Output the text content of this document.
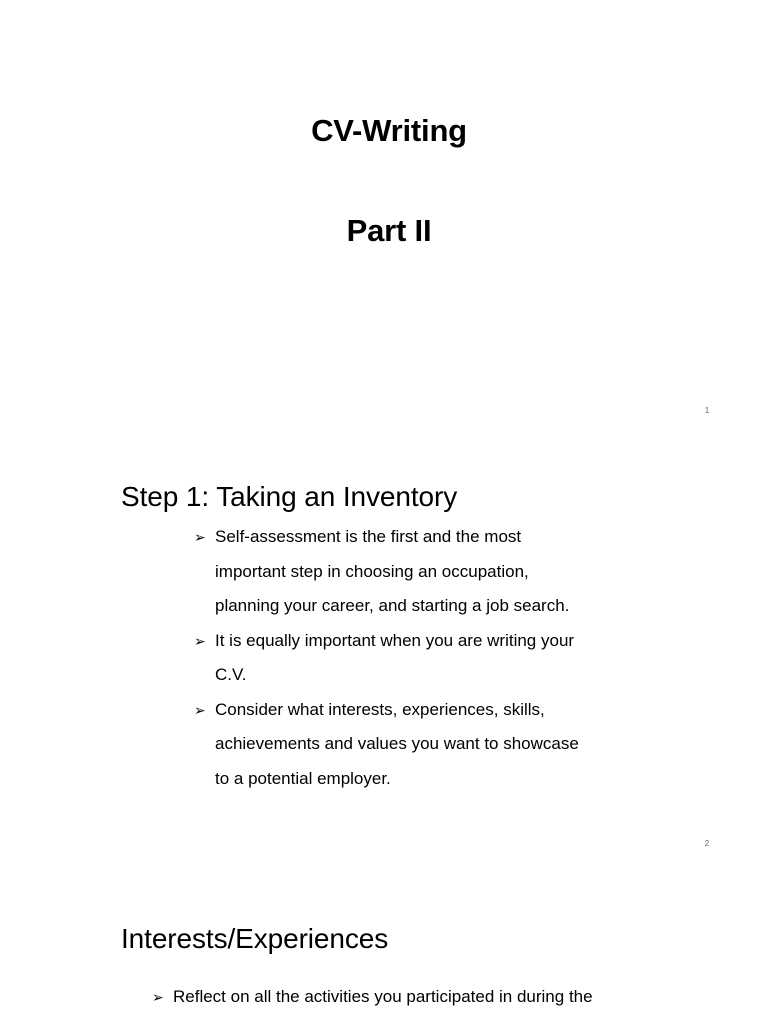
CV-Writing
Part II
1
Step 1: Taking an Inventory
➢ Self-assessment is the first and the most
important step in choosing an occupation,
planning your career, and starting a job search.
➢ It is equally important when you are writing your
C.V.
➢ Consider what interests, experiences, skills,
achievements and values you want to showcase
to a potential employer.
2
Interests/Experiences
➢ Reflect on all the activities you participated in during the
